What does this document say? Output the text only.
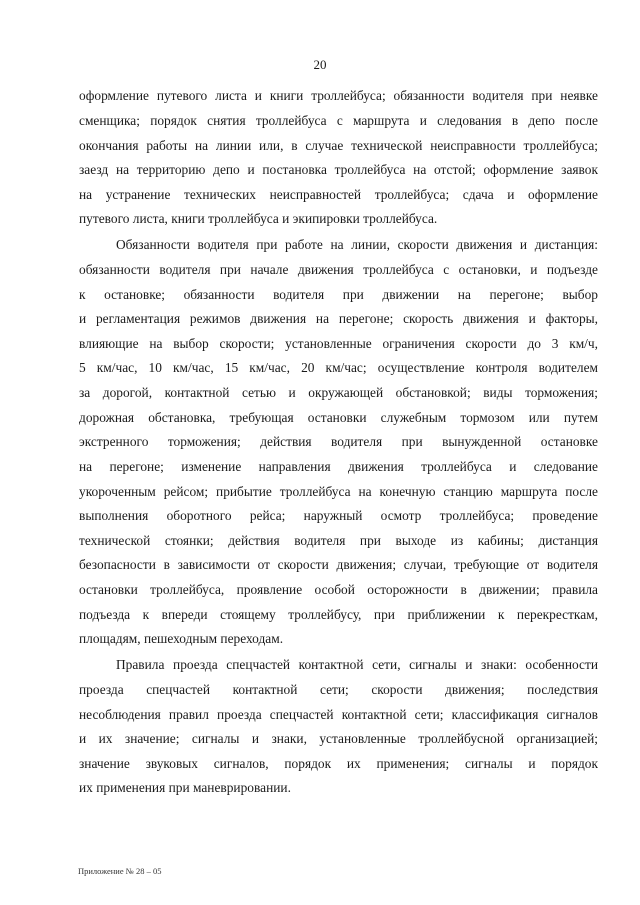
20
оформление путевого листа и книги троллейбуса; обязанности водителя при неявке
сменщика; порядок снятия троллейбуса с маршрута и следования в депо после
окончания работы на линии или, в случае технической неисправности троллейбуса;
заезд на территорию депо и постановка троллейбуса на отстой; оформление заявок
на устранение технических неисправностей троллейбуса; сдача и оформление
путевого листа, книги троллейбуса и экипировки троллейбуса.
Обязанности водителя при работе на линии, скорости движения и дистанция:
обязанности водителя при начале движения троллейбуса с остановки, и подъезде
к остановке; обязанности водителя при движении на перегоне; выбор
и регламентация режимов движения на перегоне; скорость движения и факторы,
влияющие на выбор скорости; установленные ограничения скорости до 3 км/ч,
5 км/час, 10 км/час, 15 км/час, 20 км/час; осуществление контроля водителем
за дорогой, контактной сетью и окружающей обстановкой; виды торможения;
дорожная обстановка, требующая остановки служебным тормозом или путем
экстренного торможения; действия водителя при вынужденной остановке
на перегоне; изменение направления движения троллейбуса и следование
укороченным рейсом; прибытие троллейбуса на конечную станцию маршрута после
выполнения оборотного рейса; наружный осмотр троллейбуса; проведение
технической стоянки; действия водителя при выходе из кабины; дистанция
безопасности в зависимости от скорости движения; случаи, требующие от водителя
остановки троллейбуса, проявление особой осторожности в движении; правила
подъезда к впереди стоящему троллейбусу, при приближении к перекресткам,
площадям, пешеходным переходам.
Правила проезда спецчастей контактной сети, сигналы и знаки: особенности
проезда спецчастей контактной сети; скорости движения; последствия
несоблюдения правил проезда спецчастей контактной сети; классификация сигналов
и их значение; сигналы и знаки, установленные троллейбусной организацией;
значение звуковых сигналов, порядок их применения; сигналы и порядок
их применения при маневрировании.
Приложение № 28 – 05
